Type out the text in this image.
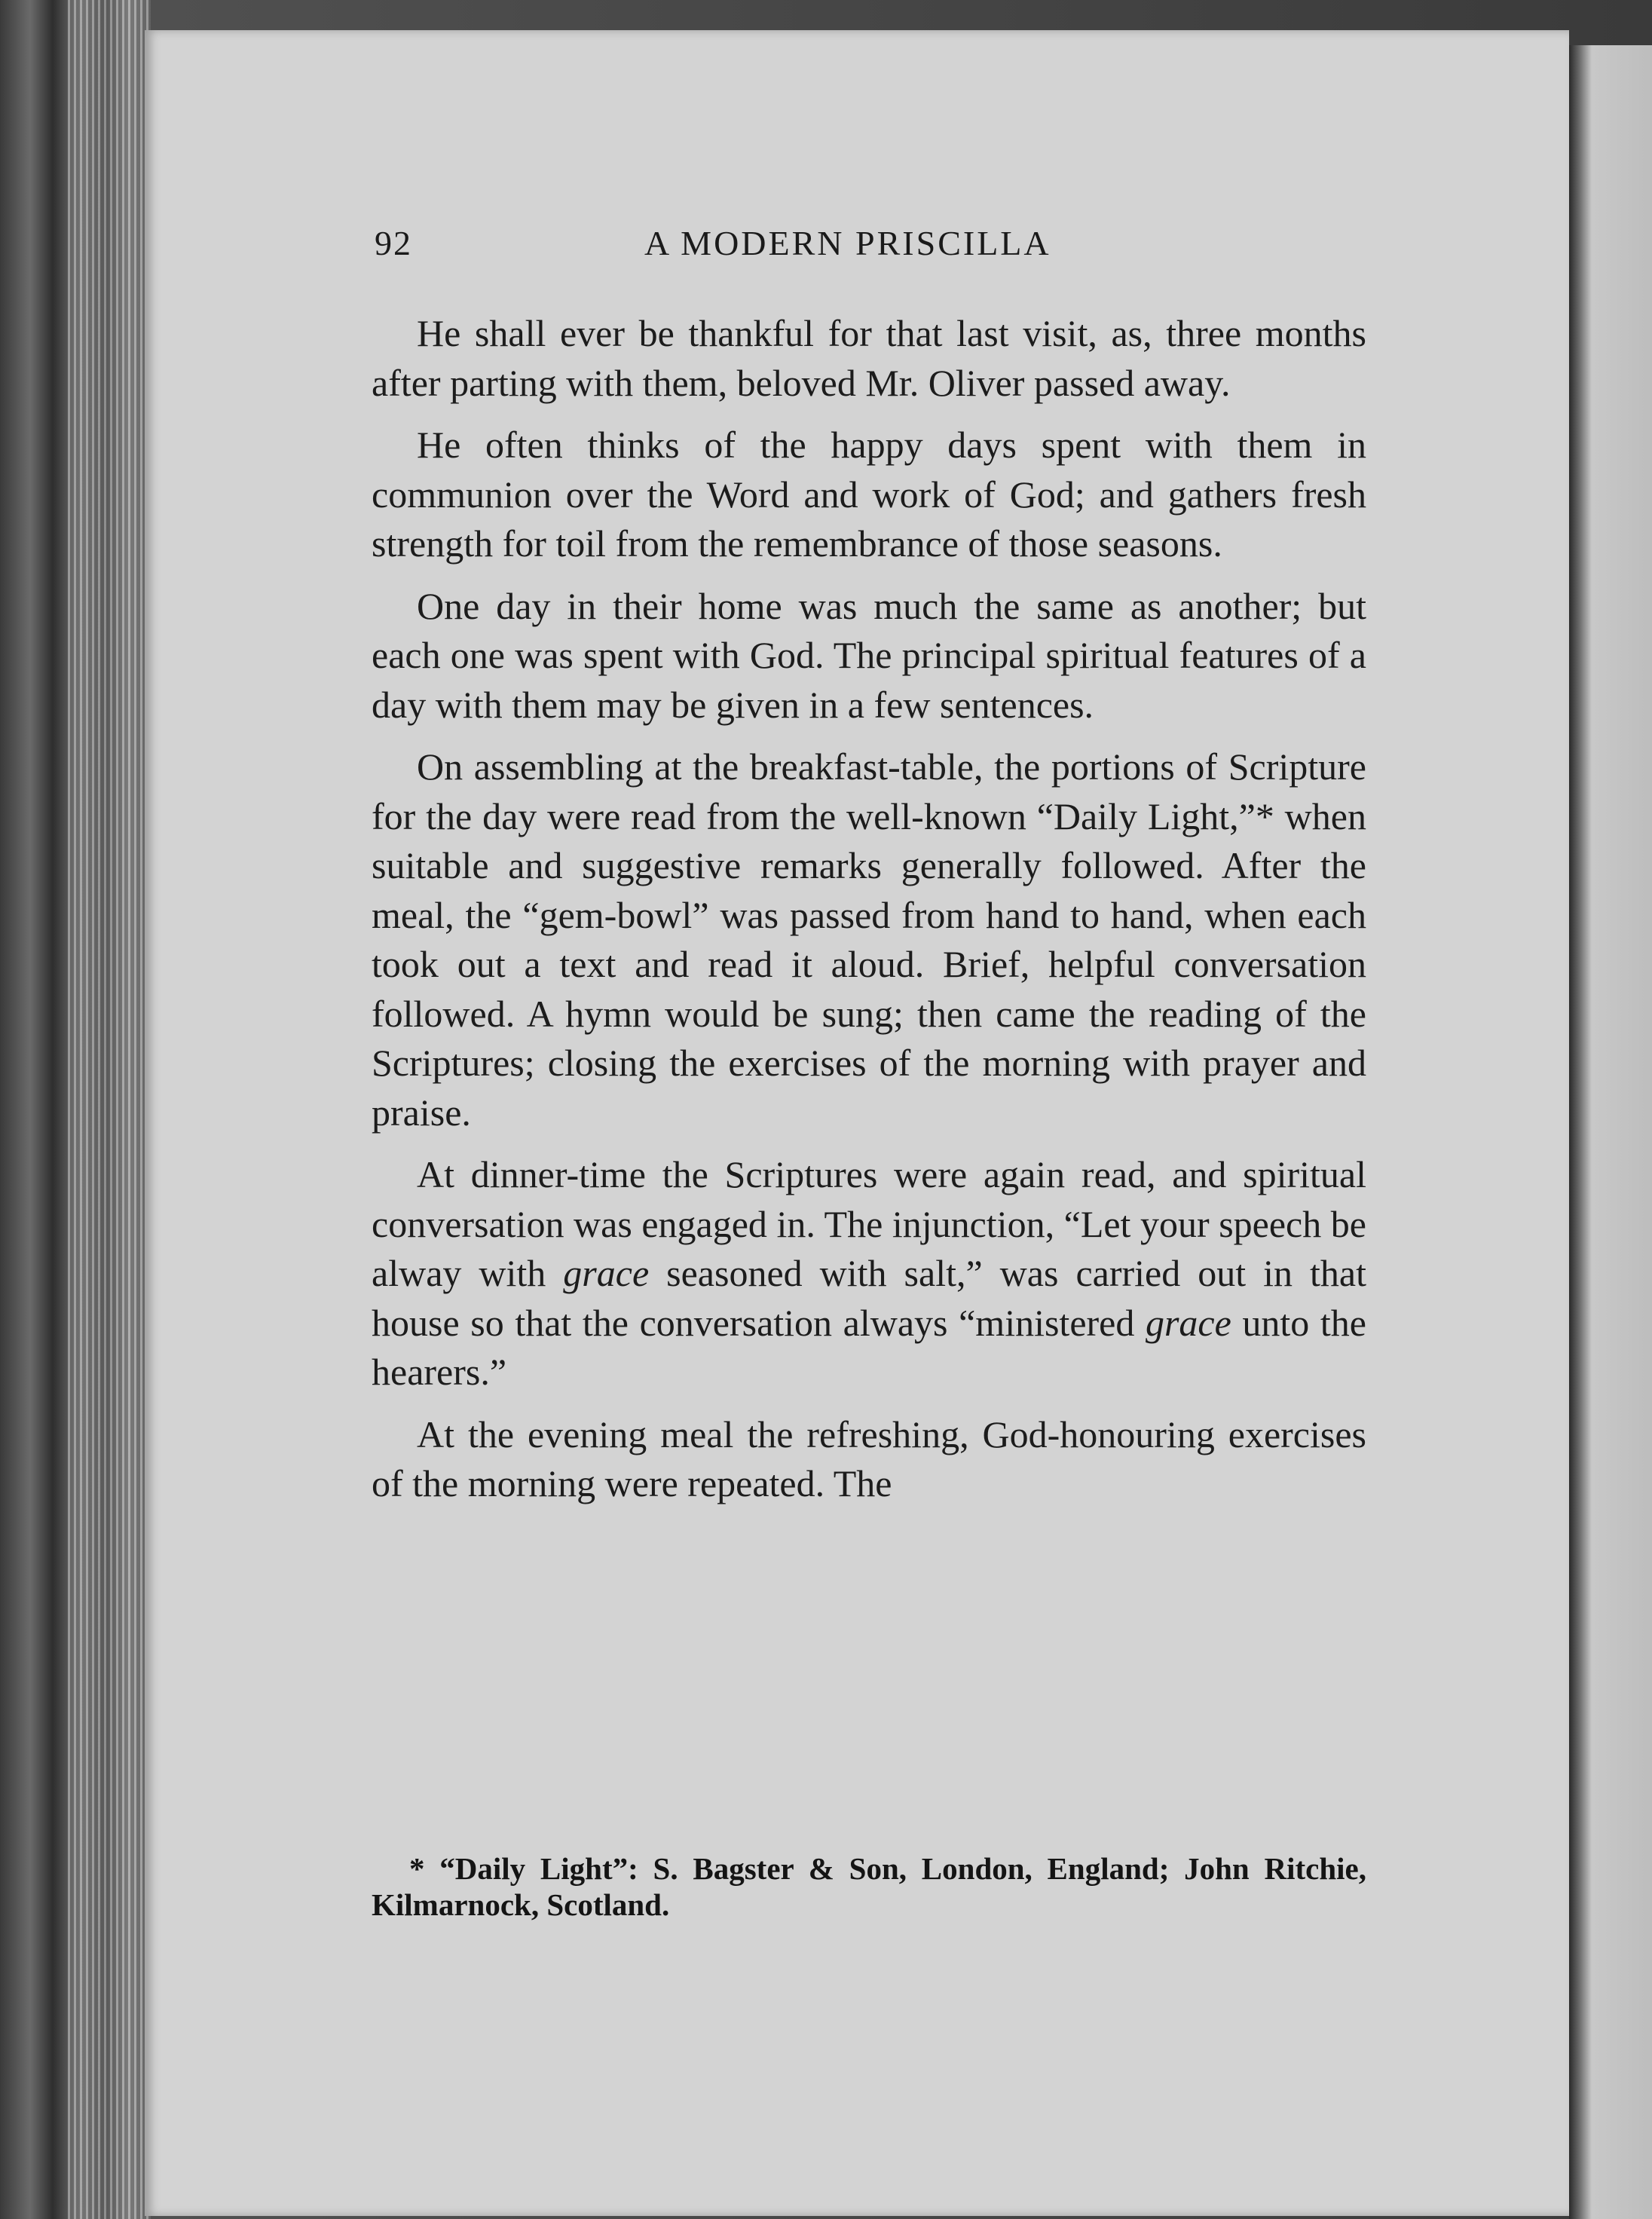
92	A MODERN PRISCILLA

He shall ever be thankful for that last visit, as, three months after parting with them, beloved Mr. Oliver passed away.

He often thinks of the happy days spent with them in communion over the Word and work of God; and gathers fresh strength for toil from the remembrance of those seasons.

One day in their home was much the same as another; but each one was spent with God. The principal spiritual features of a day with them may be given in a few sentences.

On assembling at the breakfast-table, the portions of Scripture for the day were read from the well-known “Daily Light,”* when suitable and suggestive remarks generally followed. After the meal, the “gem-bowl” was passed from hand to hand, when each took out a text and read it aloud. Brief, helpful conversation followed. A hymn would be sung; then came the reading of the Scriptures; closing the exercises of the morning with prayer and praise.

At dinner-time the Scriptures were again read, and spiritual conversation was engaged in. The injunction, “Let your speech be alway with grace seasoned with salt,” was carried out in that house so that the conversation always “ministered grace unto the hearers.”

At the evening meal the refreshing, God-honouring exercises of the morning were repeated. The

* “Daily Light”: S. Bagster & Son, London, England; John Ritchie, Kilmarnock, Scotland.
